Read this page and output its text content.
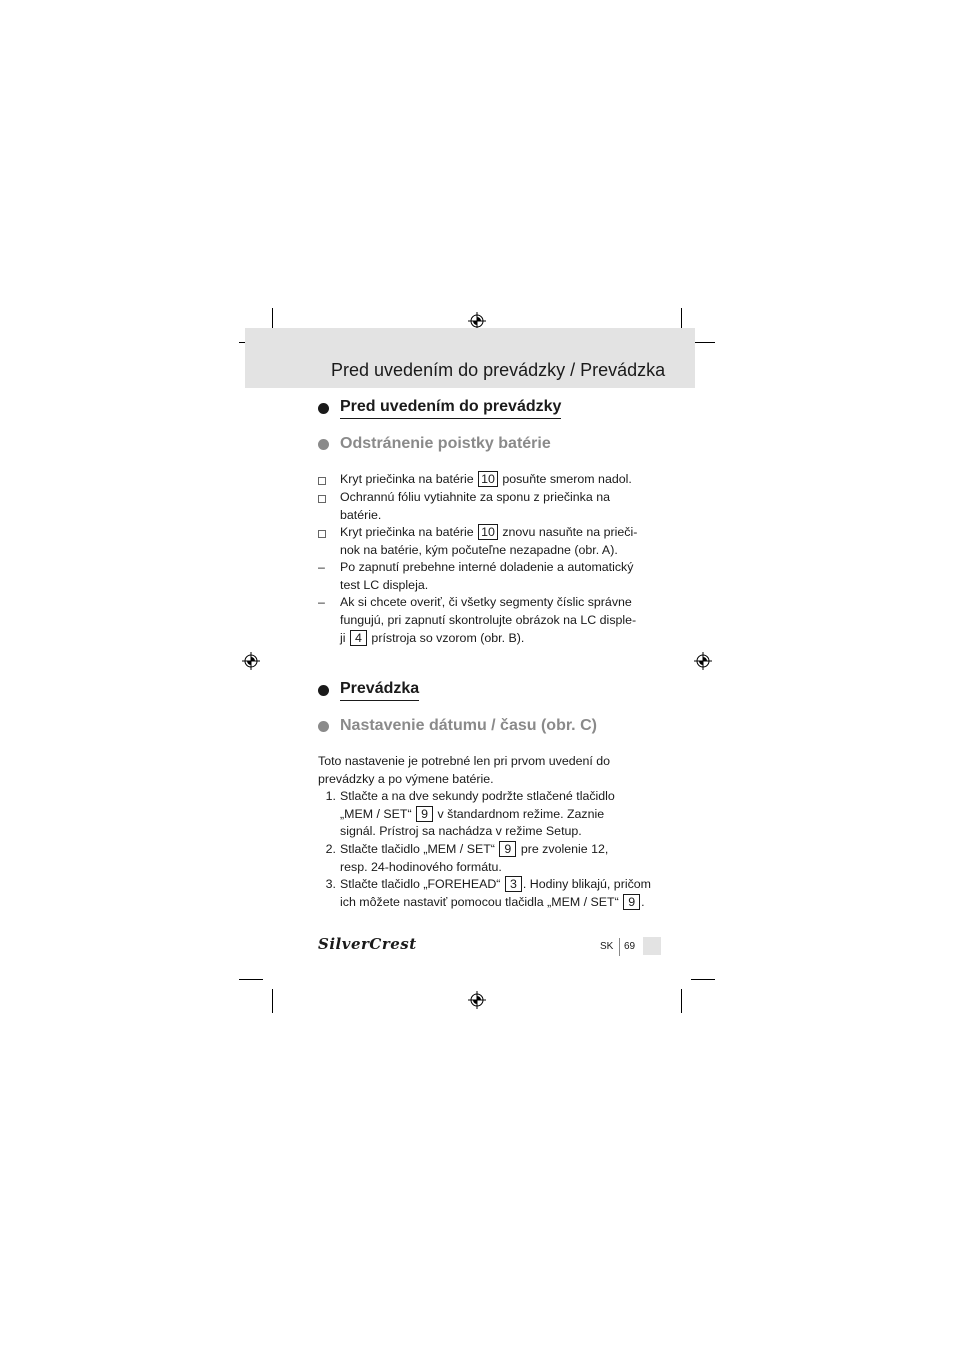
Pred uvedením do prevádzky / Prevádzka
Pred uvedením do prevádzky
Odstránenie poistky batérie
Prevádzka
Nastavenie dátumu / času (obr. C)
Kryt priečinka na batérie 10 posuňte smerom nadol.
Ochrannú fóliu vytiahnite za sponu z priečinka na
batérie.
Kryt priečinka na batérie 10 znovu nasuňte na prieči-
nok na batérie, kým počuteľne nezapadne (obr. A).
– Po zapnutí prebehne interné doladenie a automatický
test LC displeja.
– Ak si chcete overiť, či všetky segmenty číslic správne
fungujú, pri zapnutí skontrolujte obrázok na LC disple-
ji 4 prístroja so vzorom (obr. B).
Toto nastavenie je potrebné len pri prvom uvedení do
prevádzky a po výmene batérie.
1. Stlačte a na dve sekundy podržte stlačené tlačidlo
„MEM / SET“ 9 v štandardnom režime. Zaznie
signál. Prístroj sa nachádza v režime Setup.
2. Stlačte tlačidlo „MEM / SET“ 9 pre zvolenie 12,
resp. 24-hodinového formátu.
3. Stlačte tlačidlo „FOREHEAD“ 3 . Hodiny blikajú, pričom
ich môžete nastaviť pomocou tlačidla „MEM / SET“ 9 .
SilverCrest	SK 69
